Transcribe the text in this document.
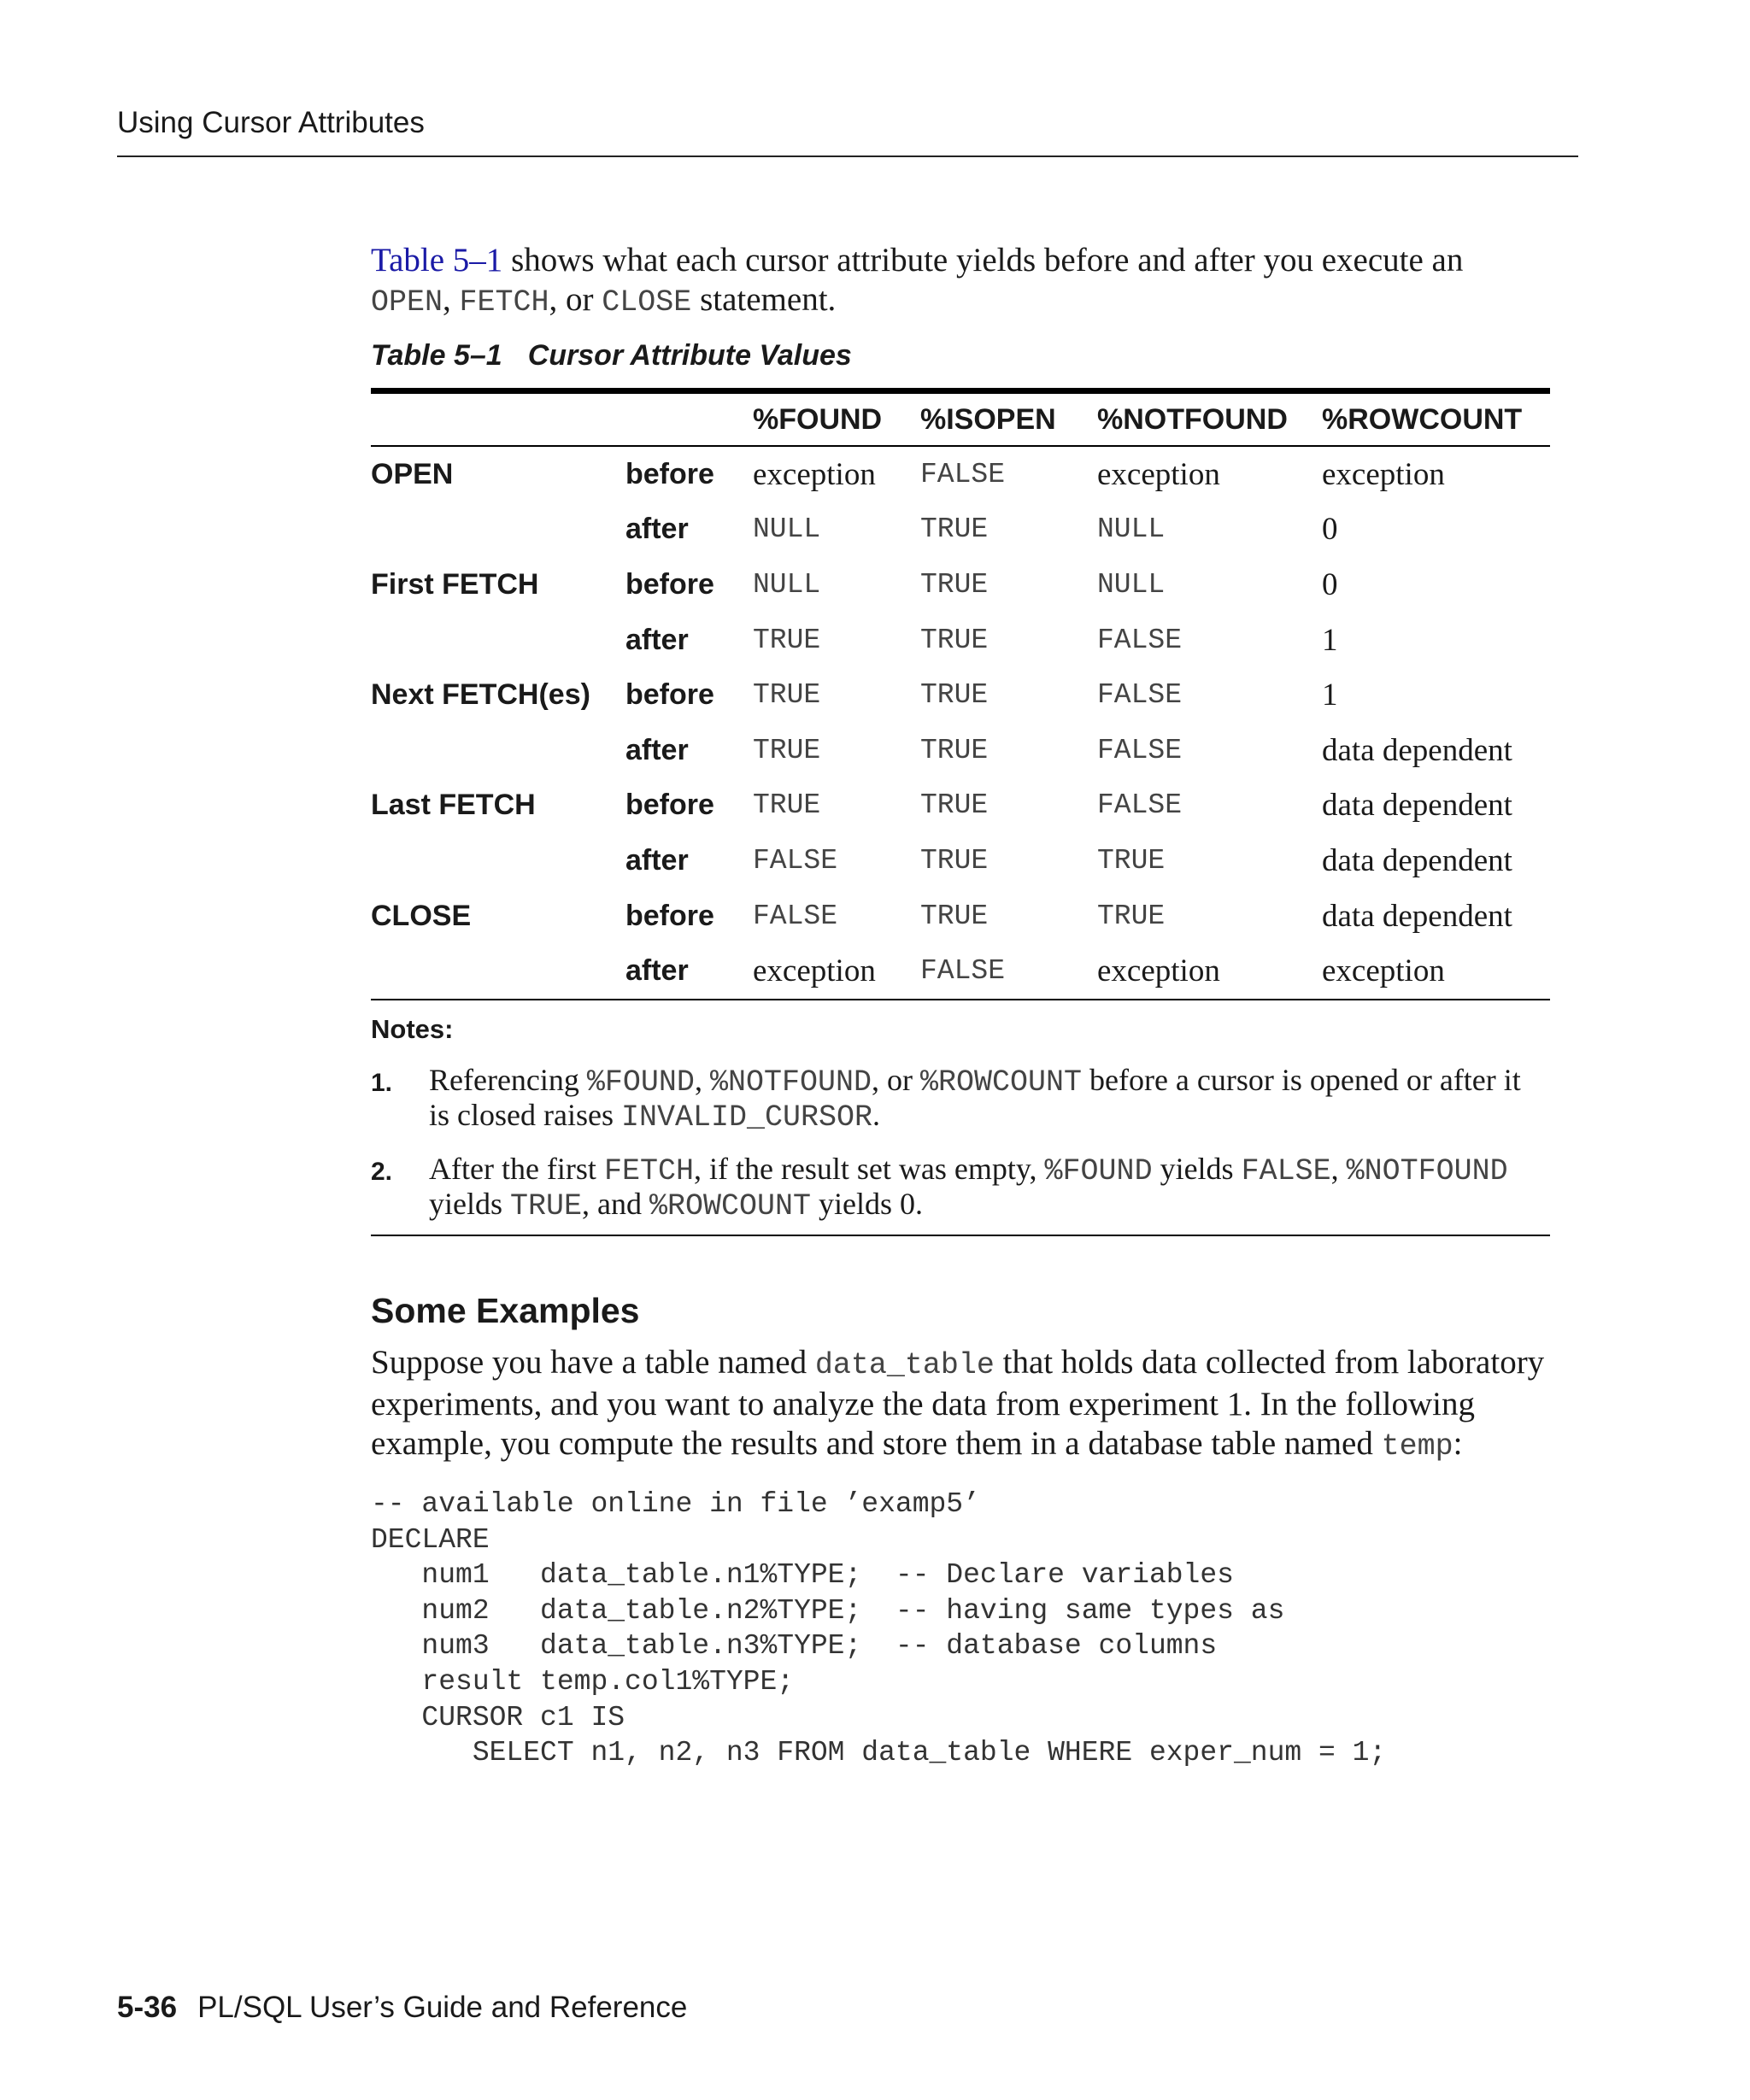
Using Cursor Attributes

Table 5–1 shows what each cursor attribute yields before and after you execute an OPEN, FETCH, or CLOSE statement.

Table 5–1 Cursor Attribute Values
		%FOUND	%ISOPEN	%NOTFOUND	%ROWCOUNT
OPEN	before	exception	FALSE	exception	exception
	after	NULL	TRUE	NULL	0
First FETCH	before	NULL	TRUE	NULL	0
	after	TRUE	TRUE	FALSE	1
Next FETCH(es)	before	TRUE	TRUE	FALSE	1
	after	TRUE	TRUE	FALSE	data dependent
Last FETCH	before	TRUE	TRUE	FALSE	data dependent
	after	FALSE	TRUE	TRUE	data dependent
CLOSE	before	FALSE	TRUE	TRUE	data dependent
	after	exception	FALSE	exception	exception
Notes:
1.	Referencing %FOUND, %NOTFOUND, or %ROWCOUNT before a cursor is opened or after it is closed raises INVALID_CURSOR.
2.	After the first FETCH, if the result set was empty, %FOUND yields FALSE, %NOTFOUND yields TRUE, and %ROWCOUNT yields 0.
Some Examples

Suppose you have a table named data_table that holds data collected from laboratory experiments, and you want to analyze the data from experiment 1. In the following example, you compute the results and store them in a database table named temp:

-- available online in file ’examp5’
DECLARE
num1   data_table.n1%TYPE;  -- Declare variables
num2   data_table.n2%TYPE;  -- having same types as
num3   data_table.n3%TYPE;  -- database columns
result temp.col1%TYPE;
CURSOR c1 IS
SELECT n1, n2, n3 FROM data_table WHERE exper_num = 1;
5-36 PL/SQL User’s Guide and Reference
